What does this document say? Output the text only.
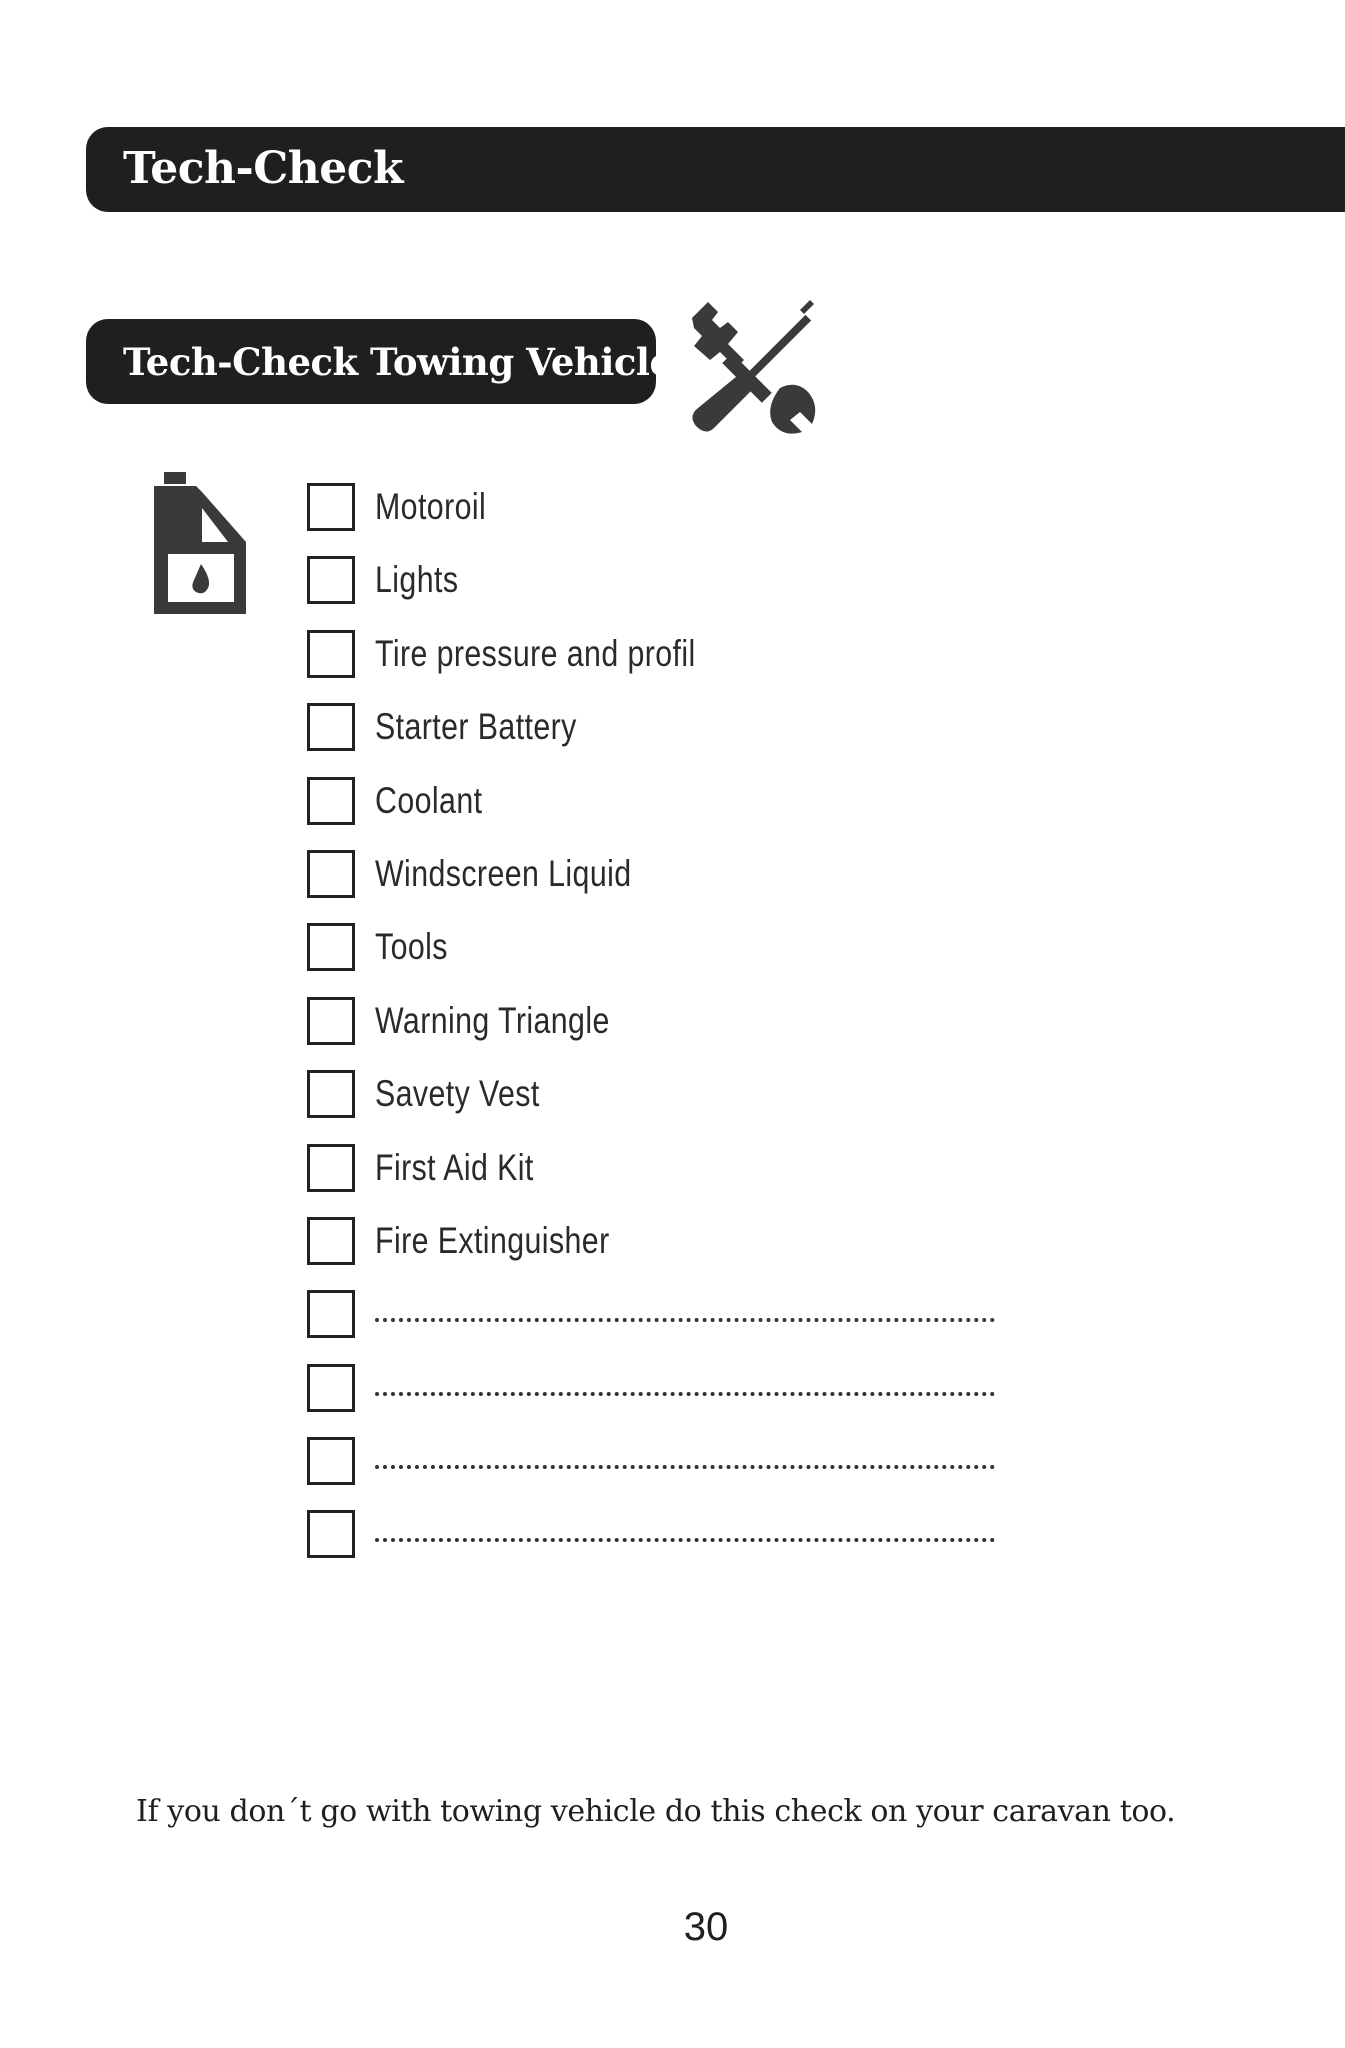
Tech-Check
Tech-Check Towing Vehicle
Motoroil
Lights
Tire pressure and profil
Starter Battery
Coolant
Windscreen Liquid
Tools
Warning Triangle
Savety Vest
First Aid Kit
Fire Extinguisher
If you don´t go with towing vehicle do this check on your caravan too.
30
